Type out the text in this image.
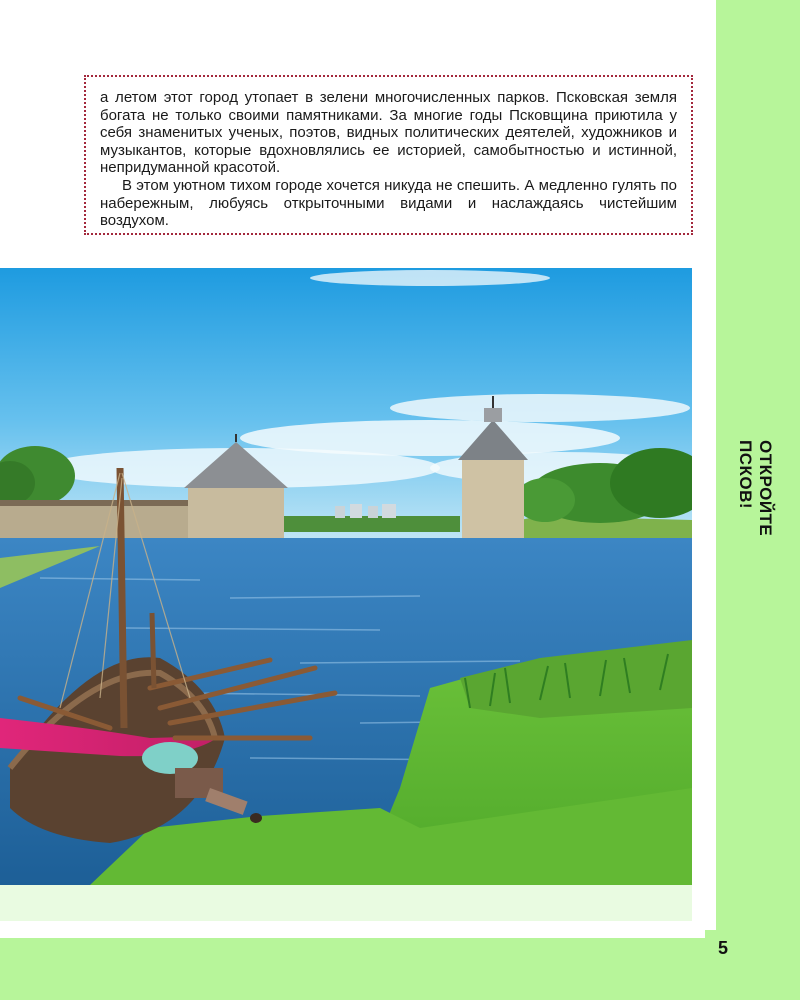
ОТКРОЙТЕ ПСКОВ!

а летом этот город утопает в зелени многочисленных парков. Псковская земля богата не только своими памятниками. За многие годы Псковщина приютила у себя знаменитых ученых, поэтов, видных политических деятелей, художников и музыкантов, которые вдохновлялись ее историей, самобытностью и истинной, непридуманной красотой.

В этом уютном тихом городе хочется никуда не спешить. А медленно гулять по набережным, любуясь открыточными видами и наслаждаясь чистейшим воздухом.

5
